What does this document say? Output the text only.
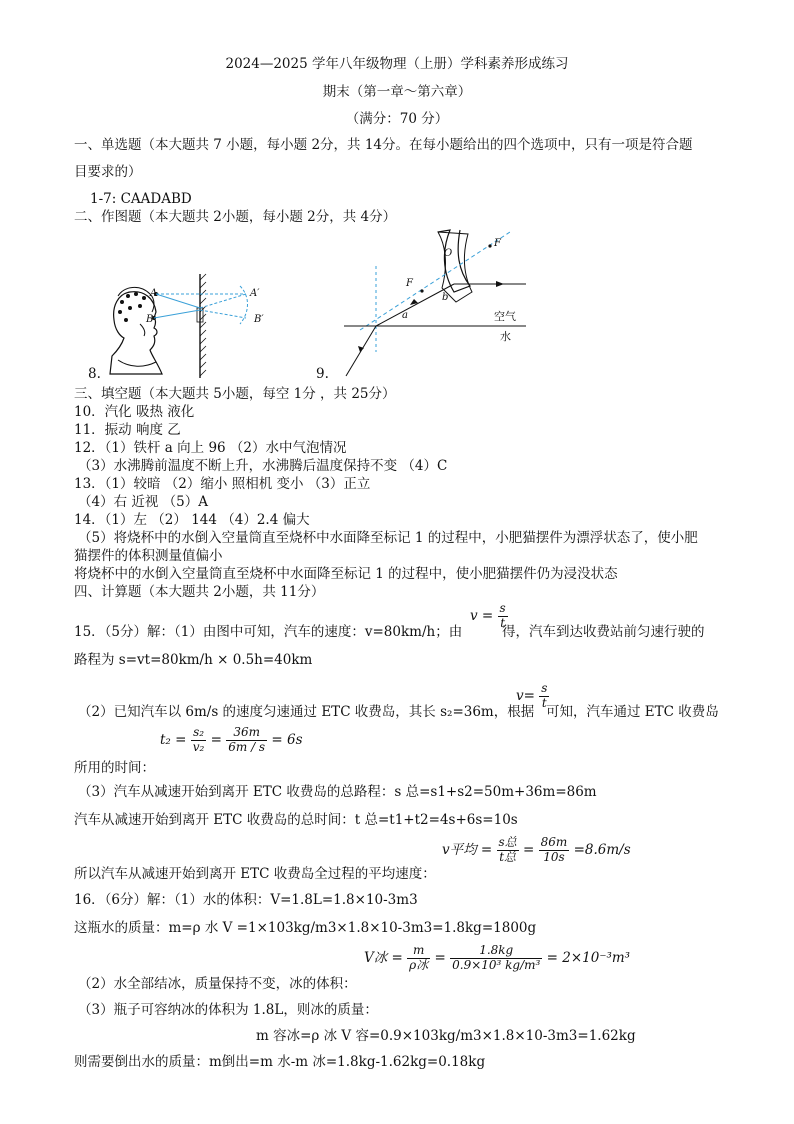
2024—2025 学年八年级物理（上册）学科素养形成练习
期末（第一章～第六章）
（满分：70 分）
一、单选题（本大题共 7 小题，每小题 2分，共 14分。在每小题给出的四个选项中，只有一项是符合题
目要求的）
1-7: CAADABD
二、作图题（本大题共 2小题，每小题 2分，共 4分）
8.	9.
A
B
A′
B′
O
F
F
a
b
空气
水
三、填空题（本大题共 5小题，每空 1分 ，共 25分）
10．汽化 吸热 液化
11．振动 响度 乙
12．（1）铁杆 a 向上 96 （2）水中气泡情况
（3）水沸腾前温度不断上升，水沸腾后温度保持不变 （4）C
13．（1）较暗 （2）缩小 照相机 变小 （3）正立
（4）右 近视 （5）A
14．（1）左 （2） 144 （4）2.4 偏大
（5）将烧杯中的水倒入空量筒直至烧杯中水面降至标记 1 的过程中，小肥猫摆件为漂浮状态了，使小肥
猫摆件的体积测量值偏小
将烧杯中的水倒入空量筒直至烧杯中水面降至标记 1 的过程中，使小肥猫摆件仍为浸没状态
四、计算题（本大题共 2小题，共 11分）
15．（5分）解：（1）由图中可知，汽车的速度：v=80km/h；由
$v = \frac{s}{t}$
得，汽车到达收费站前匀速行驶的
路程为 s=vt=80km/h × 0.5h=40km
$v= \frac{s}{t}$
（2）已知汽车以 6m/s 的速度匀速通过 ETC 收费岛，其长 s₂=36m，根据 可知，汽车通过 ETC 收费岛
$t_2 = \frac{\text{s₂}}{\text{v₂}} = \frac{36m}{6m / s} = 6s$
所用的时间：
（3）汽车从减速开始到离开 ETC 收费岛的总路程：s 总=s1+s2=50m+36m=86m
汽车从减速开始到离开 ETC 收费岛的总时间：t 总=t1+t2=4s+6s=10s
v平均 = $\frac{\text{s总}}{\text{t总}} = \frac{86m}{10s} =8.6m/s$
所以汽车从减速开始到离开 ETC 收费岛全过程的平均速度：
16．（6分）解：（1）水的体积：V=1.8L=1.8×10-3m3
这瓶水的质量：m=ρ 水 V =1×103kg/m3×1.8×10-3m3=1.8kg=1800g
V冰 = $\frac{m}{\text{ρ冰}} = \frac{1.8kg}{\text{0.9×10³ kg/m³}} = 2\times 10^{-3}m^3$
（2）水全部结冰，质量保持不变，冰的体积：
（3）瓶子可容纳冰的体积为 1.8L，则冰的质量：
m 容冰=ρ 冰 V 容=0.9×103kg/m3×1.8×10-3m3=1.62kg
则需要倒出水的质量：m倒出=m 水-m 冰=1.8kg-1.62kg=0.18kg
